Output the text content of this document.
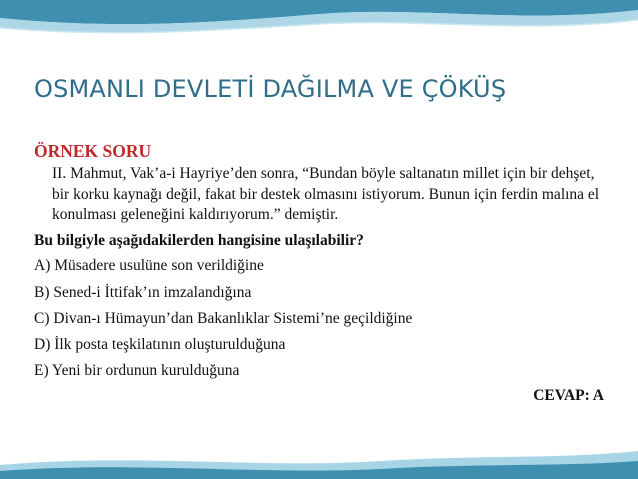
OSMANLI DEVLETİ DAĞILMA VE ÇÖKÜŞ
ÖRNEK SORU
II. Mahmut, Vak’a-i Hayriye’den sonra, “Bundan böyle saltanatın millet için bir dehşet, bir korku kaynağı değil, fakat bir destek olmasını istiyorum. Bunun için ferdin malına el konulması geleneğini kaldırıyorum.” demiştir.
Bu bilgiyle aşağıdakilerden hangisine ulaşılabilir?
A) Müsadere usulüne son verildiğine
B) Sened-i İttifak’ın imzalandığına
C) Divan-ı Hümayun’dan Bakanlıklar Sistemi’ne geçildiğine
D) İlk posta teşkilatının oluşturulduğuna
E) Yeni bir ordunun kurulduğuna
CEVAP: A
